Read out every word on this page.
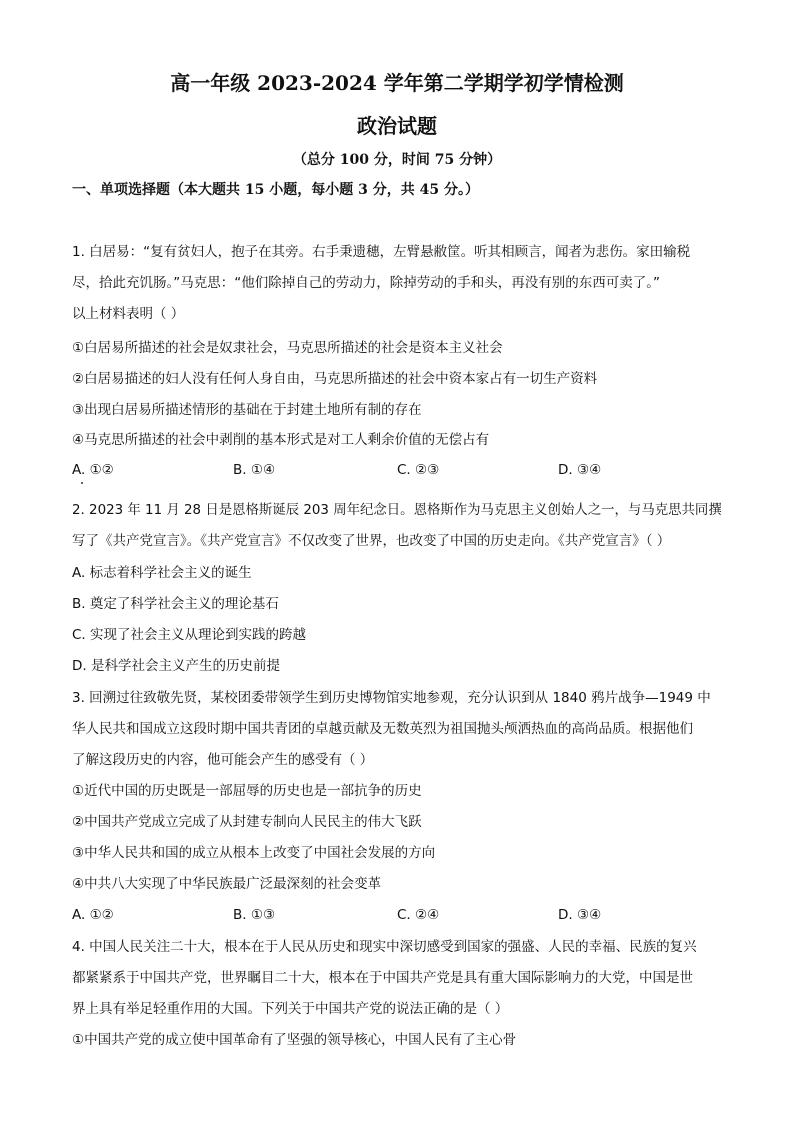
高一年级 2023-2024 学年第二学期学初学情检测
政治试题
（总分 100 分，时间 75 分钟）
一、单项选择题（本大题共 15 小题，每小题 3 分，共 45 分。）
1. 白居易：“复有贫妇人，抱子在其旁。右手秉遗穗，左臂悬敝筐。听其相顾言，闻者为悲伤。家田输税
尽，拾此充饥肠。”马克思：“他们除掉自己的劳动力，除掉劳动的手和头，再没有别的东西可卖了。”
以上材料表明（ ）
①白居易所描述的社会是奴隶社会，马克思所描述的社会是资本主义社会
②白居易描述的妇人没有任何人身自由，马克思所描述的社会中资本家占有一切生产资料
③出现白居易所描述情形的基础在于封建土地所有制的存在
④马克思所描述的社会中剥削的基本形式是对工人剩余价值的无偿占有
A. ①②	B. ①④	C. ②③	D. ③④
2. 2023 年 11 月 28 日是恩格斯诞辰 203 周年纪念日。恩格斯作为马克思主义创始人之一，与马克思共同撰
写了《共产党宣言》。《共产党宣言》不仅改变了世界，也改变了中国的历史走向。《共产党宣言》（ ）
A. 标志着科学社会主义的诞生
B. 奠定了科学社会主义的理论基石
C. 实现了社会主义从理论到实践的跨越
D. 是科学社会主义产生的历史前提
3. 回溯过往致敬先贤，某校团委带领学生到历史博物馆实地参观，充分认识到从 1840 鸦片战争—1949 中
华人民共和国成立这段时期中国共青团的卓越贡献及无数英烈为祖国抛头颅洒热血的高尚品质。根据他们
了解这段历史的内容，他可能会产生的感受有（ ）
①近代中国的历史既是一部屈辱的历史也是一部抗争的历史
②中国共产党成立完成了从封建专制向人民民主的伟大飞跃
③中华人民共和国的成立从根本上改变了中国社会发展的方向
④中共八大实现了中华民族最广泛最深刻的社会变革
A. ①②	B. ①③	C. ②④	D. ③④
4. 中国人民关注二十大，根本在于人民从历史和现实中深切感受到国家的强盛、人民的幸福、民族的复兴
都紧紧系于中国共产党，世界瞩目二十大，根本在于中国共产党是具有重大国际影响力的大党，中国是世
界上具有举足轻重作用的大国。下列关于中国共产党的说法正确的是（ ）
①中国共产党的成立使中国革命有了坚强的领导核心，中国人民有了主心骨
